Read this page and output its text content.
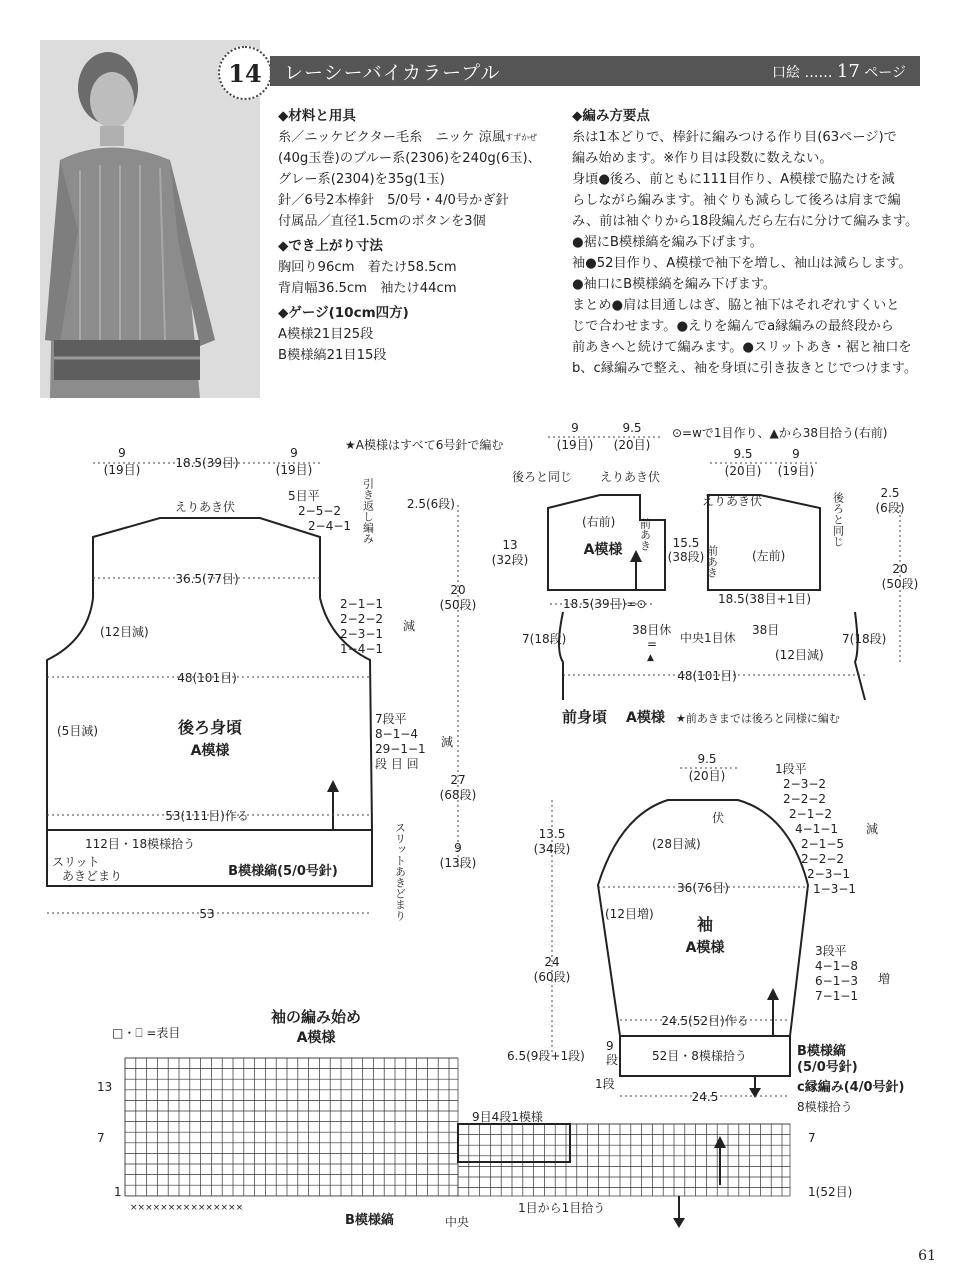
14	レーシーバイカラープル	口絵 …… 17 ページ
◆材料と用具

糸／ニッケビクター毛糸　ニッケ 涼風$^{すずかぜ}$

(40g玉巻)のブルー系(2306)を240g(6玉)、

グレー系(2304)を35g(1玉)

針／6号2本棒針　5/0号・4/0号かぎ針

付属品／直径1.5cmのボタンを3個

◆でき上がり寸法

胸回り96cm　着たけ58.5cm

背肩幅36.5cm　袖たけ44cm

◆ゲージ(10cm四方)

A模様21目25段

B模様縞21目15段

◆編み方要点

糸は1本どりで、棒針に編みつける作り目(63ページ)で

編み始めます。※作り目は段数に数えない。

身頃●後ろ、前ともに111目作り、A模様で脇たけを減

らしながら編みます。袖ぐりも減らして後ろは肩まで編

み、前は袖ぐりから18段編んだら左右に分けて編みます。

●裾にB模様縞を編み下げます。

袖●52目作り、A模様で袖下を増し、袖山は減らします。

●袖口にB模様縞を編み下げます。

まとめ●肩は目通しはぎ、脇と袖下はそれぞれすくいと

じで合わせます。●えりを編んでa縁編みの最終段から

前あきへと続けて編みます。●スリットあき・裾と袖口を

b、c縁編みで整え、袖を身頃に引き抜きとじでつけます。

★A模様はすべて6号針で編む
9
(19目)	18.5(39目)
9
(19目)
えりあき伏
5目平
2−5−2
2−4−1 引き返し編み
36.5(77目)
(12目減)
2−1−1
2−2−2
2−3−1
1−4−1
減
48(101目)
(5目減)	後ろ身頃
A模様
7段平
8−1−4
29−1−1
段 目 回
減
53(111目)作る
112目・18模様拾う
スリット
あきどまり	スリットあきどまり
B模様縞(5/0号針)
53
2.5(6段)
13
(32段)
20
(50段)
27
(68段)
9
(13段)
⊙=ᴡで1目作り、▲から38目拾う(右前)
9
(19目)
9.5
(20目)
9.5
(20目)
9
(19目)
後ろと同じ
後ろと同じ
えりあき伏
えりあき伏
(右前)
(左前)
A模様 前あき
前あき
15.5
(38段)
18.5(39目)=⊙	18.5(38目+1目)
2.5
(6段)
20
(50段)
7(18段)	7(18段)
38目休
=
▲
中央1目休
38目
(12目減)
48(101目)
前身頃 A模様 ★前あきまでは後ろと同様に編む
9.5
(20目)
伏
(28目減)
1段平
2−3−2
2−2−2
2−1−2
4−1−1
2−1−5
2−2−2
2−3−1
1−3−1
減
36(76目)
(12目増)
袖
A模様	3段平
4−1−8
6−1−3
7−1−1
増
13.5
(34段)
24
(60段)
6.5(9段+1段)
24.5(52目)作る
52目・8模様拾う
9
段
1段
B模様縞
(5/0号針)
c縁編み(4/0号針)
8模様拾う
24.5
袖の編み始め
A模様
□・⎕ =表目
13
7
1
7
1(52目)
9目4段1模様
B模様縞	中央
1目から1目拾う
×××××××××××××××
61
